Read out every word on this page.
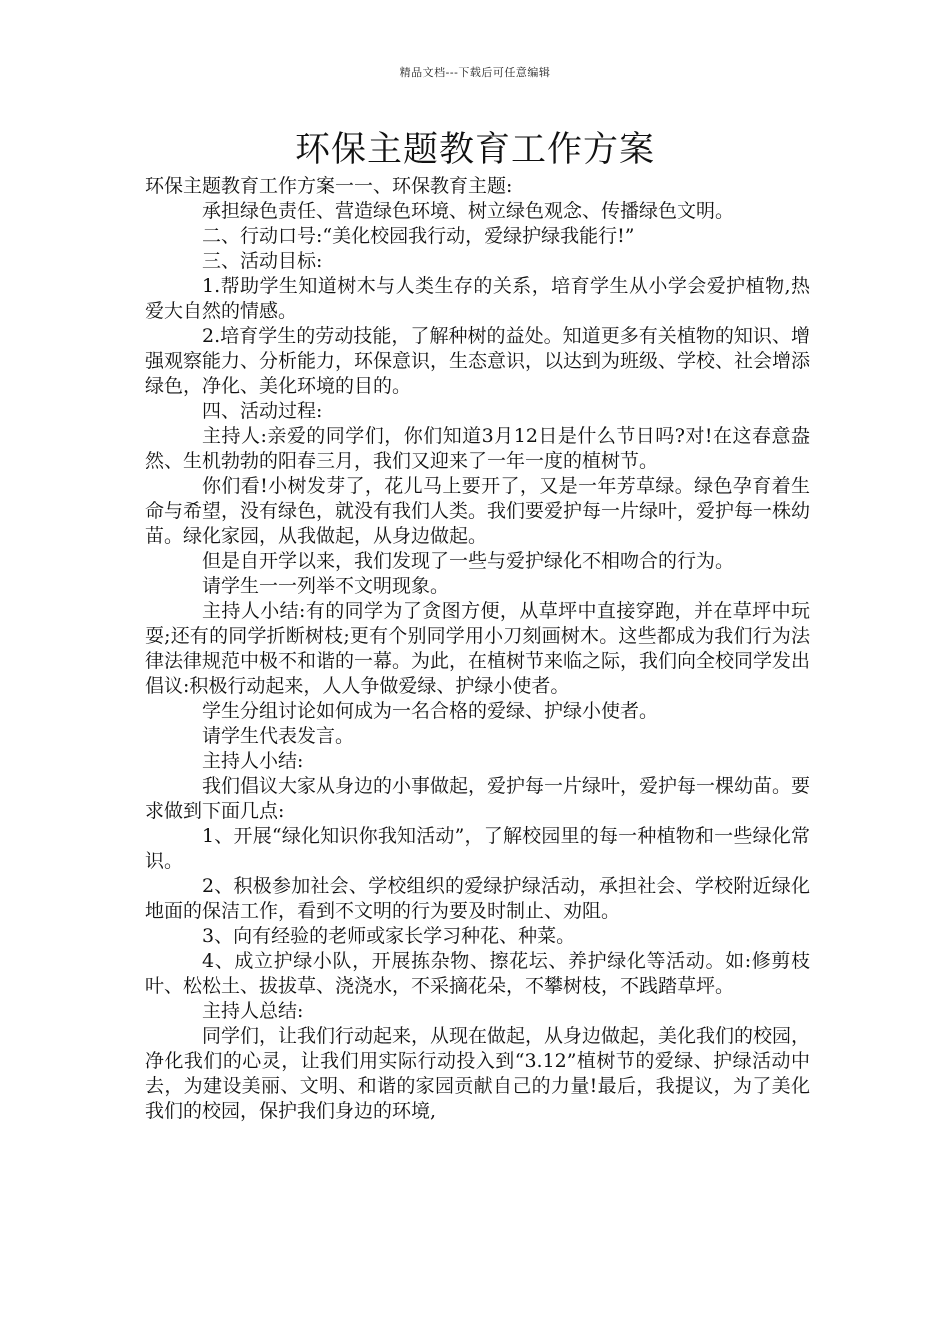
精品文档---下载后可任意编辑
环保主题教育工作方案

环保主题教育工作方案一一、环保教育主题:

承担绿色责任、营造绿色环境、树立绿色观念、传播绿色文明。

二、行动口号:“美化校园我行动，爱绿护绿我能行!”

三、活动目标:

1.帮助学生知道树木与人类生存的关系，培育学生从小学会爱护植物,热爱大自然的情感。

2.培育学生的劳动技能，了解种树的益处。知道更多有关植物的知识、增强观察能力、分析能力，环保意识，生态意识，以达到为班级、学校、社会增添绿色，净化、美化环境的目的。

四、活动过程:

主持人:亲爱的同学们，你们知道3月12日是什么节日吗?对!在这春意盎然、生机勃勃的阳春三月，我们又迎来了一年一度的植树节。

你们看!小树发芽了，花儿马上要开了，又是一年芳草绿。绿色孕育着生命与希望，没有绿色，就没有我们人类。我们要爱护每一片绿叶，爱护每一株幼苗。绿化家园，从我做起，从身边做起。

但是自开学以来，我们发现了一些与爱护绿化不相吻合的行为。

请学生一一列举不文明现象。

主持人小结:有的同学为了贪图方便，从草坪中直接穿跑，并在草坪中玩耍;还有的同学折断树枝;更有个别同学用小刀刻画树木。这些都成为我们行为法律法律规范中极不和谐的一幕。为此，在植树节来临之际，我们向全校同学发出倡议:积极行动起来，人人争做爱绿、护绿小使者。

学生分组讨论如何成为一名合格的爱绿、护绿小使者。

请学生代表发言。

主持人小结:

我们倡议大家从身边的小事做起，爱护每一片绿叶，爱护每一棵幼苗。要求做到下面几点:

1、开展“绿化知识你我知活动”，了解校园里的每一种植物和一些绿化常识。

2、积极参加社会、学校组织的爱绿护绿活动，承担社会、学校附近绿化地面的保洁工作，看到不文明的行为要及时制止、劝阻。

3、向有经验的老师或家长学习种花、种菜。

4、成立护绿小队，开展拣杂物、擦花坛、养护绿化等活动。如:修剪枝叶、松松土、拔拔草、浇浇水，不采摘花朵，不攀树枝，不践踏草坪。

主持人总结:

同学们，让我们行动起来，从现在做起，从身边做起，美化我们的校园，净化我们的心灵，让我们用实际行动投入到“3.12”植树节的爱绿、护绿活动中去，为建设美丽、文明、和谐的家园贡献自己的力量!最后，我提议，为了美化我们的校园，保护我们身边的环境,
